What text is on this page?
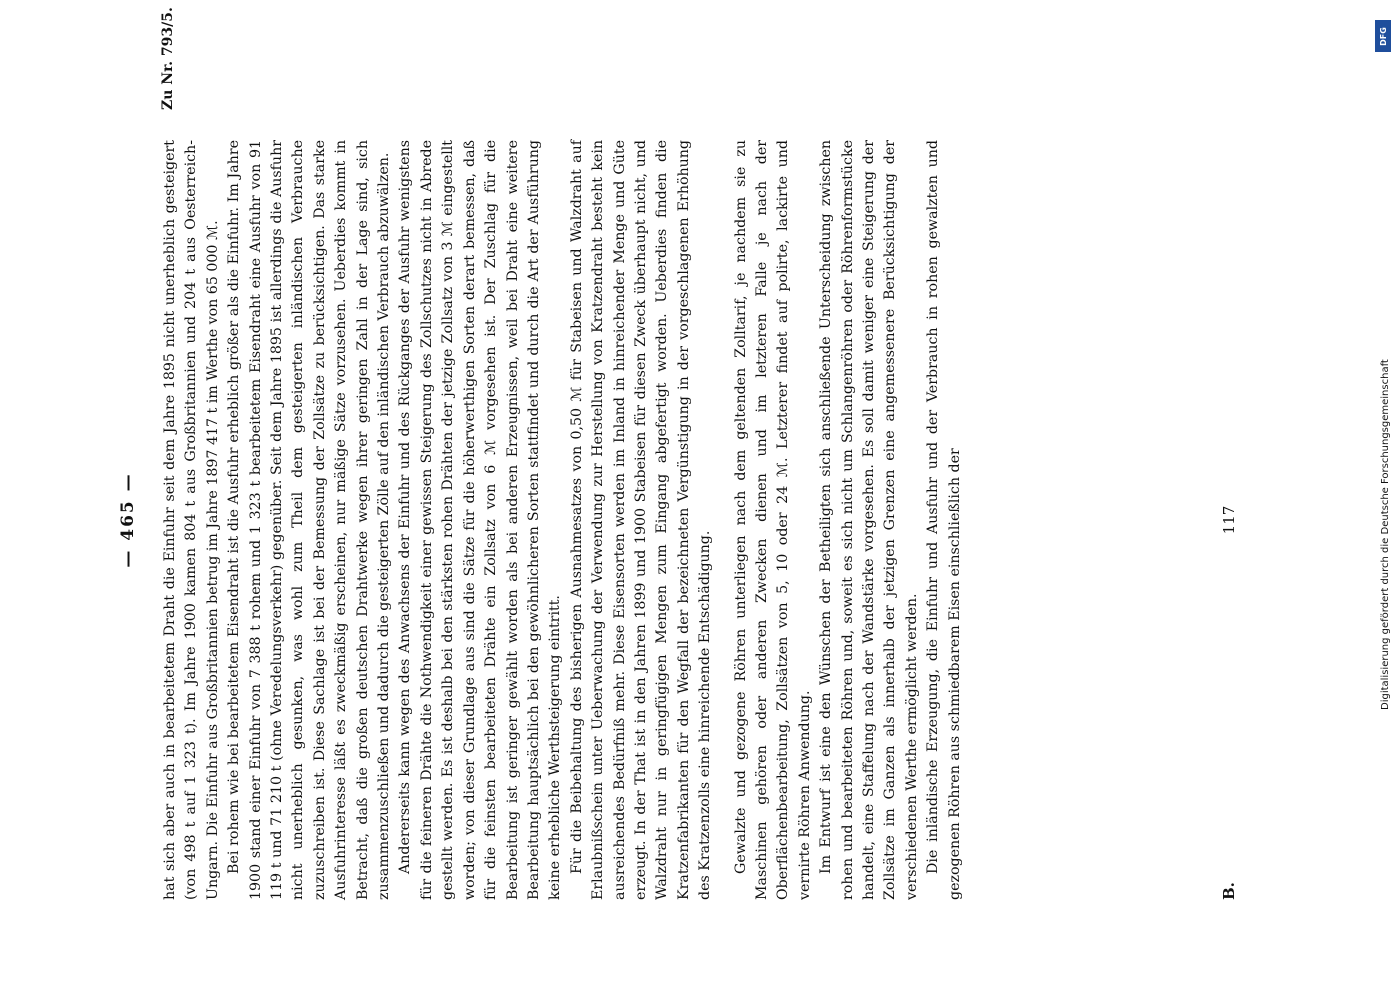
— 465 — hat sich aber auch in bearbeitetem Draht die Einfuhr seit dem Jahre 1895 nicht unerheblich gesteigert (von 498 t auf 1 323 t). Im Jahre 1900 kamen 804 t aus Großbritannien und 204 t aus Oesterreich-Ungarn. Die Einfuhr aus Großbritannien betrug im Jahre 1897 417 t im Werthe von 65 000 ℳ. Bei rohem wie bei bearbeitetem Eisendraht ist die Ausfuhr erheblich größer als die Einfuhr. Im Jahre 1900 stand einer Einfuhr von 7 388 t rohem und 1 323 t bearbeitetem Eisendraht eine Ausfuhr von 91 119 t und 71 210 t (ohne Veredelungsverkehr) gegenüber. Seit dem Jahre 1895 ist allerdings die Ausfuhr nicht unerheblich gesunken, was wohl zum Theil dem gesteigerten inländischen Verbrauche zuzuschreiben ist. Diese Sachlage ist bei der Bemessung der Zollsätze zu berücksichtigen. Das starke Ausfuhrinteresse läßt es zweckmäßig erscheinen, nur mäßige Sätze vorzusehen. Ueberdies kommt in Betracht, daß die großen deutschen Drahtwerke wegen ihrer geringen Zahl in der Lage sind, sich zusammenzuschließen und dadurch die gesteigerten Zölle auf den inländischen Verbrauch abzuwälzen. Andererseits kann wegen des Anwachsens der Einfuhr und des Rückganges der Ausfuhr wenigstens für die feineren Drähte die Nothwendigkeit einer gewissen Steigerung des Zollschutzes nicht in Abrede gestellt werden. Es ist deshalb bei den stärksten rohen Drähten der jetzige Zollsatz von 3 ℳ eingestellt worden; von dieser Grundlage aus sind die Sätze für die höherwerthigen Sorten derart bemessen, daß für die feinsten bearbeiteten Drähte ein Zollsatz von 6 ℳ vorgesehen ist. Der Zuschlag für die Bearbeitung ist geringer gewählt worden als bei anderen Erzeugnissen, weil bei Draht eine weitere Bearbeitung hauptsächlich bei den gewöhnlicheren Sorten stattfindet und durch die Art der Ausführung keine erhebliche Werthsteigerung eintritt. Für die Beibehaltung des bisherigen Ausnahmesatzes von 0,50 ℳ für Stabeisen und Walzdraht auf Erlaubnißschein unter Ueberwachung der Verwendung zur Herstellung von Kratzendraht besteht kein ausreichendes Bedürfniß mehr. Diese Eisensorten werden im Inland in hinreichender Menge und Güte erzeugt. In der That ist in den Jahren 1899 und 1900 Stabeisen für diesen Zweck überhaupt nicht, und Walzdraht nur in geringfügigen Mengen zum Eingang abgefertigt worden. Ueberdies finden die Kratzenfabrikanten für den Wegfall der bezeichneten Vergünstigung in der vorgeschlagenen Erhöhung des Kratzenzolls eine hinreichende Entschädigung. Gewalzte und gezogene Röhren unterliegen nach dem geltenden Zolltarif, je nachdem sie zu Maschinen gehören oder anderen Zwecken dienen und im letzteren Falle je nach der Oberflächenbearbeitung, Zollsätzen von 5, 10 oder 24 ℳ. Letzterer findet auf polirte, lackirte und vernirte Röhren Anwendung. Im Entwurf ist eine den Wünschen der Betheiligten sich anschließende Unterscheidung zwischen rohen und bearbeiteten Röhren und, soweit es sich nicht um Schlangenröhren oder Röhrenformstücke handelt, eine Staffelung nach der Wandstärke vorgesehen. Es soll damit weniger eine Steigerung der Zollsätze im Ganzen als innerhalb der jetzigen Grenzen eine angemessenere Berücksichtigung der verschiedenen Werthe ermöglicht werden. Die inländische Erzeugung, die Einfuhr und Ausfuhr und der Verbrauch in rohen gewalzten und gezogenen Röhren aus schmiedbarem Eisen einschließlich der

Zu Nr. 793/5.
B.
117	Digitalisierung gefördert durch die Deutsche Forschungsgemeinschaft
DFG
